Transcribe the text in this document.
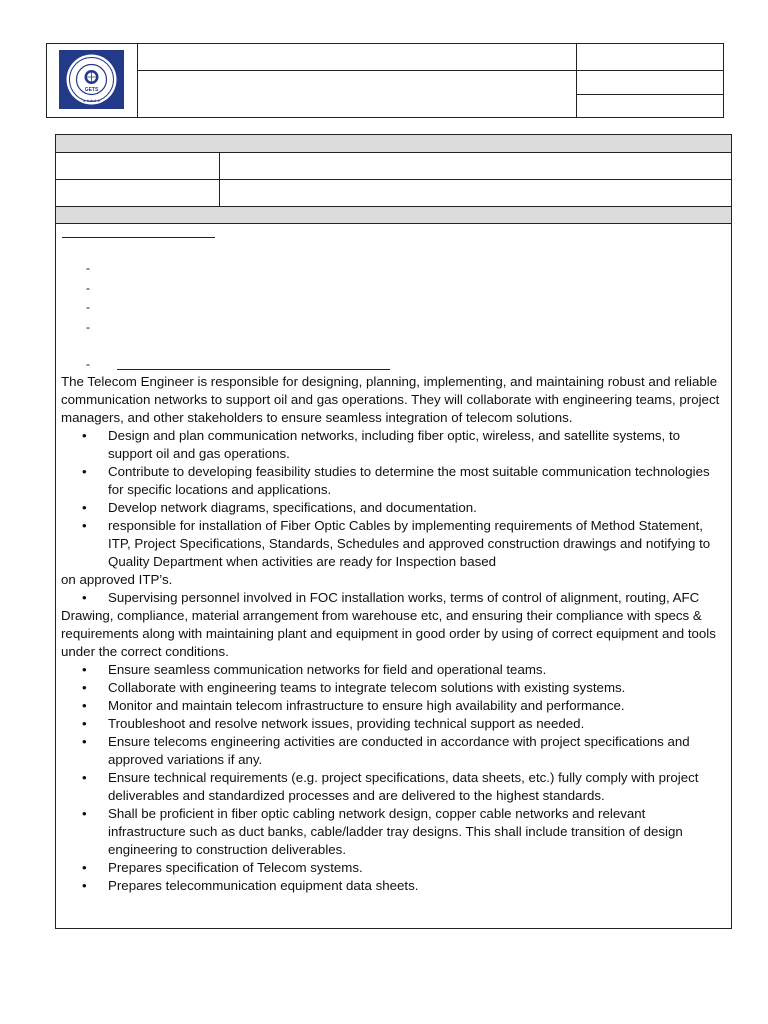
GETS
★★★★★
-
-
-
-
-

The Telecom Engineer is responsible for designing, planning, implementing, and maintaining robust and reliable communication networks to support oil and gas operations. They will collaborate with engineering teams, project managers, and other stakeholders to ensure seamless integration of telecom solutions.

• Design and plan communication networks, including fiber optic, wireless, and satellite systems, to support oil and gas operations.
• Contribute to developing feasibility studies to determine the most suitable communication technologies for specific locations and applications.
• Develop network diagrams, specifications, and documentation.
• responsible for installation of Fiber Optic Cables by implementing requirements of Method Statement, ITP, Project Specifications, Standards, Schedules and approved construction drawings and notifying to Quality Department when activities are ready for Inspection based

on approved ITP’s.

• Supervising personnel involved in FOC installation works, terms of control of alignment, routing, AFC

Drawing, compliance, material arrangement from warehouse etc, and ensuring their compliance with specs & requirements along with maintaining plant and equipment in good order by using of correct equipment and tools under the correct conditions.

• Ensure seamless communication networks for field and operational teams.
• Collaborate with engineering teams to integrate telecom solutions with existing systems.
• Monitor and maintain telecom infrastructure to ensure high availability and performance.
• Troubleshoot and resolve network issues, providing technical support as needed.
• Ensure telecoms engineering activities are conducted in accordance with project specifications and approved variations if any.
• Ensure technical requirements (e.g. project specifications, data sheets, etc.) fully comply with project deliverables and standardized processes and are delivered to the highest standards.
• Shall be proficient in fiber optic cabling network design, copper cable networks and relevant infrastructure such as duct banks, cable/ladder tray designs. This shall include transition of design engineering to construction deliverables.
• Prepares specification of Telecom systems.
• Prepares telecommunication equipment data sheets.
